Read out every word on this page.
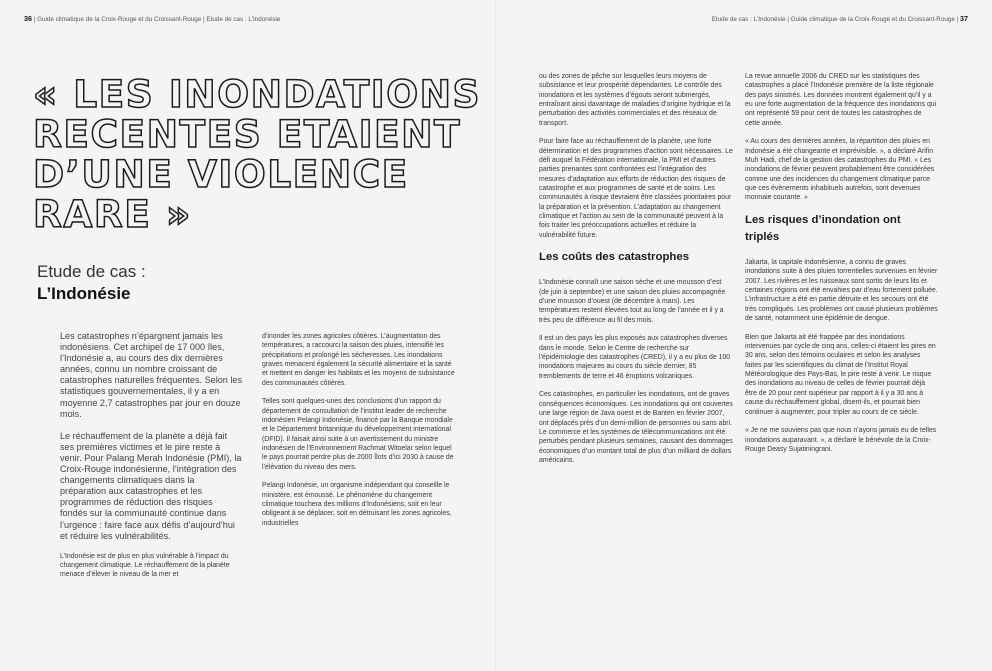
36 | Guide climatique de la Croix-Rouge et du Croissant-Rouge | Etude de cas : L’Indonésie	Etude de cas : L’Indonésie | Guide climatique de la Croix-Rouge et du Croissant-Rouge | 37
« LES INONDATIONS
RECENTES ETAIENT
D’UNE VIOLENCE
RARE »
Etude de cas :
L’Indonésie

Les catastrophes n’épargnent jamais les indonésiens. Cet archipel de 17 000 îles, l’Indonésie a, au cours des dix dernières années, connu un nombre croissant de catastrophes naturelles fréquentes. Selon les statistiques gouvernementales, il y a en moyenne 2,7 catastrophes par jour en douze mois.

Le réchauffement de la planète a déjà fait ses premières victimes et le pire reste à venir. Pour Palang Merah Indonésie (PMI), la Croix-Rouge indonésienne, l’intégration des changements climatiques dans la préparation aux catastrophes et les programmes de réduction des risques fondés sur la communauté continue dans l’urgence : faire face aux défis d’aujourd’hui et réduire les vulnérabilités.

L’Indonésie est de plus en plus vulnérable à l’impact du changement climatique. Le réchauffement de la planète menace d’élever le niveau de la mer et

d’inonder les zones agricoles côtières. L’augmentation des températures, a raccourci la saison des pluies, intensifié les précipitations et prolongé les sécheresses. Les inondations graves menacent également la sécurité alimentaire et la santé et mettent en danger les habitats et les moyens de subsistance des communautés côtières.

Telles sont quelques-unes des conclusions d’un rapport du département de consultation de l’institut leader de recherche indonésien Pelangi Indonésie, financé par la Banque mondiale et le Département britannique du développement international (DFID). Il faisait ainsi suite à un avertissement du ministre indonésien de l’Environnement Rachmat Witoelar selon lequel le pays pourrait perdre plus de 2000 îlots d’ici 2030 à cause de l’élévation du niveau des mers.

Pelangi Indonésie, un organisme indépendant qui conseille le ministère, est émoussé. Le phénomène du changement climatique touchera des millions d’Indonésiens, soit en leur obligeant à se déplacer, soit en détruisant les zones agricoles, industrielles

ou des zones de pêche sur lesquelles leurs moyens de subsistance et leur prospérité dépendantes. Le contrôle des inondations et les systèmes d’égouts seront submergés, entraînant ainsi davantage de maladies d’origine hydrique et la perturbation des activités commerciales et des réseaux de transport.

Pour faire face au réchauffement de la planète, une forte détermination et des programmes d’action sont nécessaires. Le défi auquel la Fédération internationale, la PMI et d’autres parties prenantes sont confrontées est l’intégration des mesures d’adaptation aux efforts de réduction des risques de catastrophe et aux programmes de santé et de soins. Les communautés à risque devraient être classées prioritaires pour la préparation et la prévention. L’adaptation au changement climatique et l’action au sein de la communauté peuvent à la fois traiter les préoccupations actuelles et réduire la vulnérabilité future.

Les coûts des catastrophes

L’Indonésie connaît une saison sèche et une mousson d’est (de juin à septembre) et une saison des pluies accompagnée d’une mousson d’ouest (de décembre à mars). Les températures restent élevées tout au long de l’année et il y a très peu de différence au fil des mois.

Il est un des pays les plus exposés aux catastrophes diverses dans le monde. Selon le Centre de recherche sur l’épidémiologie des catastrophes (CRED), il y a eu plus de 100 inondations majeures au cours du siècle dernier, 85 tremblements de terre et 46 éruptions volcaniques.

Ces catastrophes, en particulier les inondations, ont de graves conséquences économiques. Les inondations qui ont couvertes une large région de Java ouest et de Banten en février 2007, ont déplacés près d’un demi-million de personnes ou sans abri. Le commerce et les systèmes de télécommunications ont été perturbés pendant plusieurs semaines, causant des dommages économiques d’un montant total de plus d’un milliard de dollars américains.

La revue annuelle 2006 du CRED sur les statistiques des catastrophes a placé l’Indonésie première de la liste régionale des pays sinistrés. Les données montrent également qu’il y a eu une forte augmentation de la fréquence des inondations qui ont représenté 59 pour cent de toutes les catastrophes de cette année.

« Au cours des dernières années, la répartition des pluies en Indonésie a été changeante et imprévisible. », a déclaré Arifin Muh Hadi, chef de la gestion des catastrophes du PMI. « Les inondations de février peuvent probablement être considérées comme une des incidences du changement climatique parce que ces évènements inhabituels autrefois, sont devenues monnaie courante. »

Les risques d’inondation ont triplés

Jakarta, la capitale indonésienne, a connu de graves inondations suite à des pluies torrentielles survenues en février 2007. Les rivières et les ruisseaux sont sortis de leurs lits et certaines régions ont été envahies par d’eau fortement polluée. L’infrastructure a été en partie détruite et les secours ont été très compliqués. Les problèmes ont causé plusieurs problèmes de santé, notamment une épidémie de dengue.

Bien que Jakarta ait été frappée par des inondations intervenues par cycle de cinq ans, celles-ci étaient les pires en 30 ans, selon des témoins oculaires et selon les analyses faites par les scientifiques du climat de l’Institut Royal Météorologique des Pays-Bas, le pire reste à venir. Le risque des inondations au niveau de celles de février pourrait déjà être de 20 pour cent supérieur par rapport à il y a 30 ans à cause du réchauffement global, disent-ils, et pourrait bien continuer à augmenter, pour tripler au cours de ce siècle.

« Je ne me souviens pas que nous n’ayons jamais eu de telles inondations auparavant. », a déclaré le bénévole de la Croix-Rouge Deasy Sujatiningrani.
